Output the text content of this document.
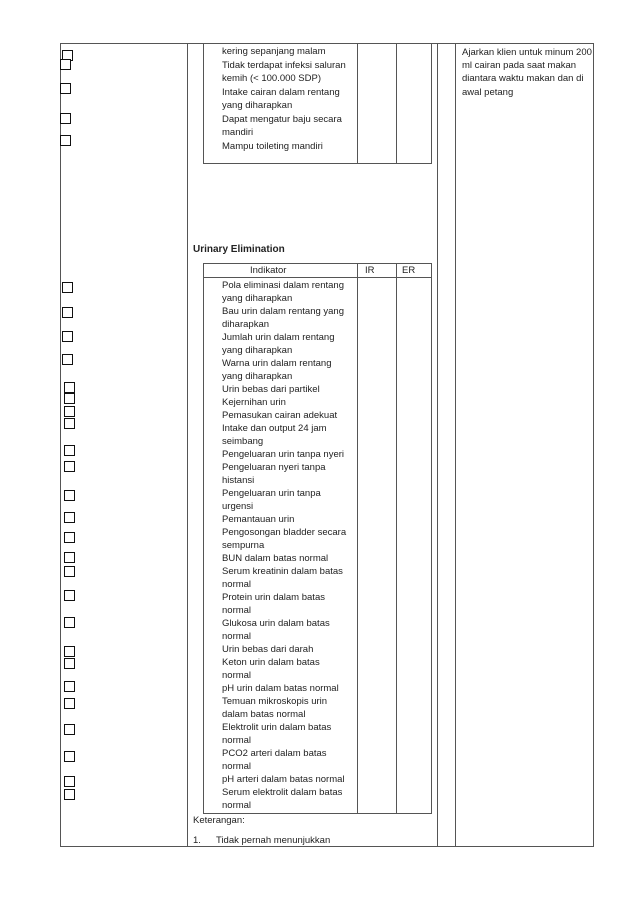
kering sepanjang malam
Tidak terdapat infeksi saluran
kemih (< 100.000 SDP)
Intake cairan dalam rentang
yang diharapkan
Dapat mengatur baju secara
mandiri
Mampu toileting mandiri
Ajarkan klien untuk minum 200 ml cairan pada saat makan diantara waktu makan dan di awal petang
Urinary Elimination
Indikator	IR	ER
Pola eliminasi dalam rentang
yang diharapkan
Bau urin dalam rentang yang
diharapkan
Jumlah urin dalam rentang
yang diharapkan
Warna urin dalam rentang
yang diharapkan
Urin bebas dari partikel
Kejernihan urin
Pemasukan cairan adekuat
Intake dan output 24 jam
seimbang
Pengeluaran urin tanpa nyeri
Pengeluaran nyeri tanpa
histansi
Pengeluaran urin tanpa
urgensi
Pemantauan urin
Pengosongan bladder secara
sempurna
BUN dalam batas normal
Serum kreatinin dalam batas
normal
Protein urin dalam batas
normal
Glukosa urin dalam batas
normal
Urin bebas dari darah
Keton urin dalam batas
normal
pH urin dalam batas normal
Temuan mikroskopis urin
dalam batas normal
Elektrolit urin dalam batas
normal
PCO2 arteri dalam batas
normal
pH arteri dalam batas normal
Serum elektrolit dalam batas
normal
Keterangan:
1. Tidak pernah menunjukkan
